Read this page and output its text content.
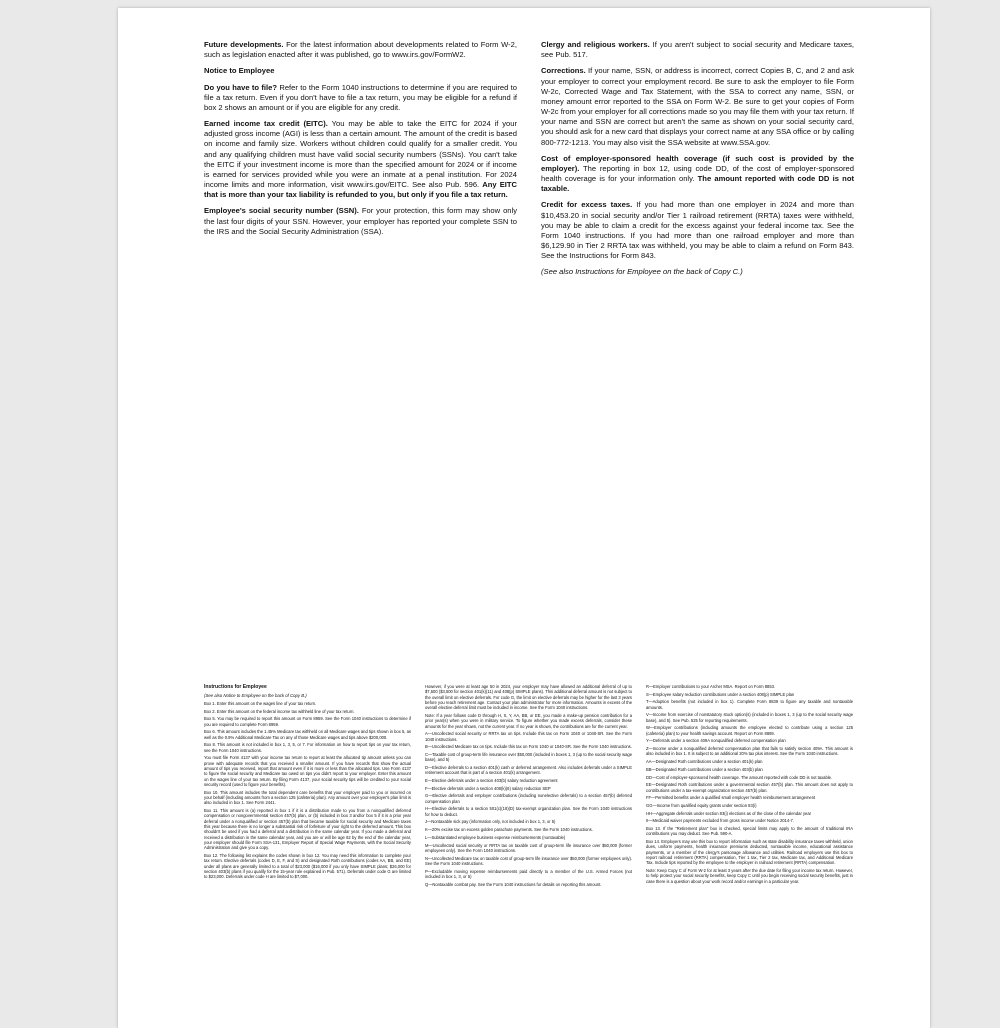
Future developments. For the latest information about developments related to Form W-2, such as legislation enacted after it was published, go to www.irs.gov/FormW2.

Notice to Employee

Do you have to file? Refer to the Form 1040 instructions to determine if you are required to file a tax return. Even if you don't have to file a tax return, you may be eligible for a refund if box 2 shows an amount or if you are eligible for any credit.

Earned income tax credit (EITC). You may be able to take the EITC for 2024 if your adjusted gross income (AGI) is less than a certain amount. The amount of the credit is based on income and family size. Workers without children could qualify for a smaller credit. You and any qualifying children must have valid social security numbers (SSNs). You can't take the EITC if your investment income is more than the specified amount for 2024 or if income is earned for services provided while you were an inmate at a penal institution. For 2024 income limits and more information, visit www.irs.gov/EITC. See also Pub. 596. Any EITC that is more than your tax liability is refunded to you, but only if you file a tax return.

Employee's social security number (SSN). For your protection, this form may show only the last four digits of your SSN. However, your employer has reported your complete SSN to the IRS and the Social Security Administration (SSA).

Clergy and religious workers. If you aren't subject to social security and Medicare taxes, see Pub. 517.

Corrections. If your name, SSN, or address is incorrect, correct Copies B, C, and 2 and ask your employer to correct your employment record. Be sure to ask the employer to file Form W-2c, Corrected Wage and Tax Statement, with the SSA to correct any name, SSN, or money amount error reported to the SSA on Form W-2. Be sure to get your copies of Form W-2c from your employer for all corrections made so you may file them with your tax return. If your name and SSN are correct but aren't the same as shown on your social security card, you should ask for a new card that displays your correct name at any SSA office or by calling 800-772-1213. You may also visit the SSA website at www.SSA.gov.

Cost of employer-sponsored health coverage (if such cost is provided by the employer). The reporting in box 12, using code DD, of the cost of employer-sponsored health coverage is for your information only. The amount reported with code DD is not taxable.

Credit for excess taxes. If you had more than one employer in 2024 and more than $10,453.20 in social security and/or Tier 1 railroad retirement (RRTA) taxes were withheld, you may be able to claim a credit for the excess against your federal income tax. See the Form 1040 instructions. If you had more than one railroad employer and more than $6,129.90 in Tier 2 RRTA tax was withheld, you may be able to claim a refund on Form 843. See the Instructions for Form 843.

(See also Instructions for Employee on the back of Copy C.)

Instructions for Employee

(See also Notice to Employee on the back of Copy B.)

Box 1. Enter this amount on the wages line of your tax return.

Box 2. Enter this amount on the federal income tax withheld line of your tax return.

Box 5. You may be required to report this amount on Form 8959. See the Form 1040 instructions to determine if you are required to complete Form 8959.

Box 6. This amount includes the 1.45% Medicare tax withheld on all Medicare wages and tips shown in box 5, as well as the 0.9% Additional Medicare Tax on any of those Medicare wages and tips above $200,000.

Box 8. This amount is not included in box 1, 3, 5, or 7. For information on how to report tips on your tax return, see the Form 1040 instructions.

You must file Form 4137 with your income tax return to report at least the allocated tip amount unless you can prove with adequate records that you received a smaller amount. If you have records that show the actual amount of tips you received, report that amount even if it is more or less than the allocated tips. Use Form 4137 to figure the social security and Medicare tax owed on tips you didn't report to your employer. Enter this amount on the wages line of your tax return. By filing Form 4137, your social security tips will be credited to your social security record (used to figure your benefits).

Box 10. This amount includes the total dependent care benefits that your employer paid to you or incurred on your behalf (including amounts from a section 125 (cafeteria) plan). Any amount over your employer's plan limit is also included in box 1. See Form 2441.

Box 11. This amount is (a) reported in box 1 if it is a distribution made to you from a nonqualified deferred compensation or nongovernmental section 457(b) plan, or (b) included in box 3 and/or box 5 if it is a prior year deferral under a nonqualified or section 457(b) plan that became taxable for social security and Medicare taxes this year because there is no longer a substantial risk of forfeiture of your right to the deferred amount. This box shouldn't be used if you had a deferral and a distribution in the same calendar year. If you made a deferral and received a distribution in the same calendar year, and you are or will be age 62 by the end of the calendar year, your employer should file Form SSA-131, Employer Report of Special Wage Payments, with the Social Security Administration and give you a copy.

Box 12. The following list explains the codes shown in box 12. You may need this information to complete your tax return. Elective deferrals (codes D, E, F, and S) and designated Roth contributions (codes AA, BB, and EE) under all plans are generally limited to a total of $23,000 ($16,000 if you only have SIMPLE plans; $26,000 for section 403(b) plans if you qualify for the 15-year rule explained in Pub. 571). Deferrals under code G are limited to $23,000. Deferrals under code H are limited to $7,000.

However, if you were at least age 50 in 2024, your employer may have allowed an additional deferral of up to $7,500 ($3,500 for section 401(k)(11) and 408(p) SIMPLE plans). This additional deferral amount is not subject to the overall limit on elective deferrals. For code G, the limit on elective deferrals may be higher for the last 3 years before you reach retirement age. Contact your plan administrator for more information. Amounts in excess of the overall elective deferral limit must be included in income. See the Form 1040 instructions.

Note: If a year follows code D through H, S, Y, AA, BB, or EE, you made a make-up pension contribution for a prior year(s) when you were in military service. To figure whether you made excess deferrals, consider these amounts for the year shown, not the current year. If no year is shown, the contributions are for the current year.

A—Uncollected social security or RRTA tax on tips. Include this tax on Form 1040 or 1040-SR. See the Form 1040 instructions.

B—Uncollected Medicare tax on tips. Include this tax on Form 1040 or 1040-SR. See the Form 1040 instructions.

C—Taxable cost of group-term life insurance over $50,000 (included in boxes 1, 3 (up to the social security wage base), and 5)

D—Elective deferrals to a section 401(k) cash or deferred arrangement. Also includes deferrals under a SIMPLE retirement account that is part of a section 401(k) arrangement.

E—Elective deferrals under a section 403(b) salary reduction agreement

F—Elective deferrals under a section 408(k)(6) salary reduction SEP

G—Elective deferrals and employer contributions (including nonelective deferrals) to a section 457(b) deferred compensation plan

H—Elective deferrals to a section 501(c)(18)(D) tax-exempt organization plan. See the Form 1040 instructions for how to deduct.

J—Nontaxable sick pay (information only, not included in box 1, 3, or 5)

K—20% excise tax on excess golden parachute payments. See the Form 1040 instructions.

L—Substantiated employee business expense reimbursements (nontaxable)

M—Uncollected social security or RRTA tax on taxable cost of group-term life insurance over $50,000 (former employees only). See the Form 1040 instructions.

N—Uncollected Medicare tax on taxable cost of group-term life insurance over $50,000 (former employees only). See the Form 1040 instructions.

P—Excludable moving expense reimbursements paid directly to a member of the U.S. Armed Forces (not included in box 1, 3, or 5)

Q—Nontaxable combat pay. See the Form 1040 instructions for details on reporting this amount.

R—Employer contributions to your Archer MSA. Report on Form 8853.

S—Employee salary reduction contributions under a section 408(p) SIMPLE plan

T—Adoption benefits (not included in box 1). Complete Form 8839 to figure any taxable and nontaxable amounts.

V—Income from exercise of nonstatutory stock option(s) (included in boxes 1, 3 (up to the social security wage base), and 5). See Pub. 525 for reporting requirements.

W—Employer contributions (including amounts the employee elected to contribute using a section 125 (cafeteria) plan) to your health savings account. Report on Form 8889.

Y—Deferrals under a section 409A nonqualified deferred compensation plan

Z—Income under a nonqualified deferred compensation plan that fails to satisfy section 409A. This amount is also included in box 1. It is subject to an additional 20% tax plus interest. See the Form 1040 instructions.

AA—Designated Roth contributions under a section 401(k) plan

BB—Designated Roth contributions under a section 403(b) plan

DD—Cost of employer-sponsored health coverage. The amount reported with code DD is not taxable.

EE—Designated Roth contributions under a governmental section 457(b) plan. This amount does not apply to contributions under a tax-exempt organization section 457(b) plan.

FF—Permitted benefits under a qualified small employer health reimbursement arrangement

GG—Income from qualified equity grants under section 83(i)

HH—Aggregate deferrals under section 83(i) elections as of the close of the calendar year

II—Medicaid waiver payments excluded from gross income under Notice 2014-7.

Box 13. If the "Retirement plan" box is checked, special limits may apply to the amount of traditional IRA contributions you may deduct. See Pub. 590-A.

Box 14. Employers may use this box to report information such as state disability insurance taxes withheld, union dues, uniform payments, health insurance premiums deducted, nontaxable income, educational assistance payments, or a member of the clergy's parsonage allowance and utilities. Railroad employers use this box to report railroad retirement (RRTA) compensation, Tier 1 tax, Tier 2 tax, Medicare tax, and Additional Medicare Tax. Include tips reported by the employee to the employer in railroad retirement (RRTA) compensation.

Note: Keep Copy C of Form W-2 for at least 3 years after the due date for filing your income tax return. However, to help protect your social security benefits, keep Copy C until you begin receiving social security benefits, just in case there is a question about your work record and/or earnings in a particular year.
